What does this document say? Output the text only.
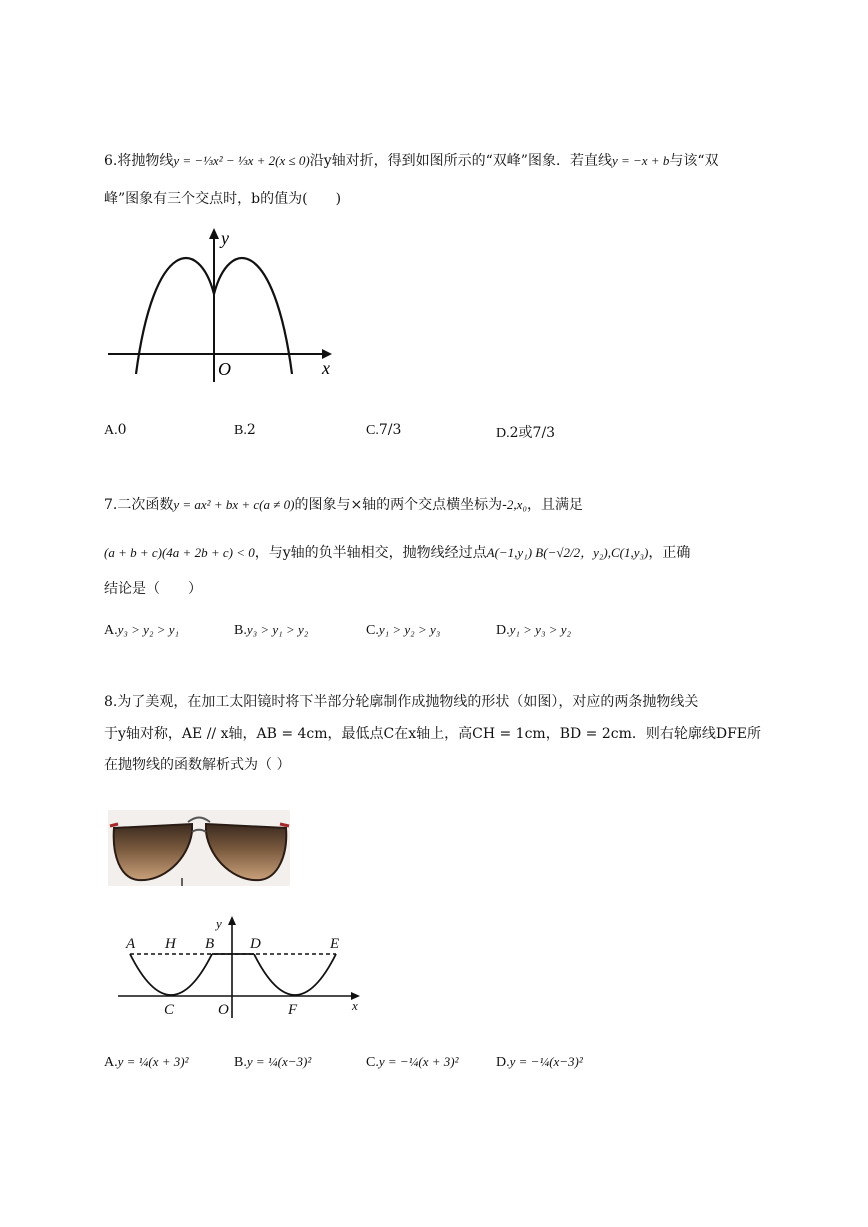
6.将抛物线y = −⅓x² − ⅓x + 2(x ≤ 0)沿y轴对折，得到如图所示的“双峰”图象．若直线y = −x + b与该“双
峰”图象有三个交点时，b的值为(　　)
y
x
O
A.0	B.2	C.7/3	D.2或7/3
7.二次函数y = ax² + bx + c(a ≠ 0)的图象与×轴的两个交点横坐标为-2,x₀，且满足
(a + b + c)(4a + 2b + c) < 0，与y轴的负半轴相交，抛物线经过点A(−1,y₁) B(−√2/2，y₂),C(1,y₃)，正确
结论是（　　）
A.y₃ > y₂ > y₁	B.y₃ > y₁ > y₂	C.y₁ > y₂ > y₃	D.y₁ > y₃ > y₂
8.为了美观，在加工太阳镜时将下半部分轮廓制作成抛物线的形状（如图），对应的两条抛物线关
于y轴对称，AE // x轴，AB = 4cm，最低点C在x轴上，高CH = 1cm，BD = 2cm．则右轮廓线DFE所
在抛物线的函数解析式为（ ）
A H B D	E
C	O	F
y
x
A.y = ¼(x + 3)²	B.y = ¼(x−3)²	C.y = −¼(x + 3)²	D.y = −¼(x−3)²
